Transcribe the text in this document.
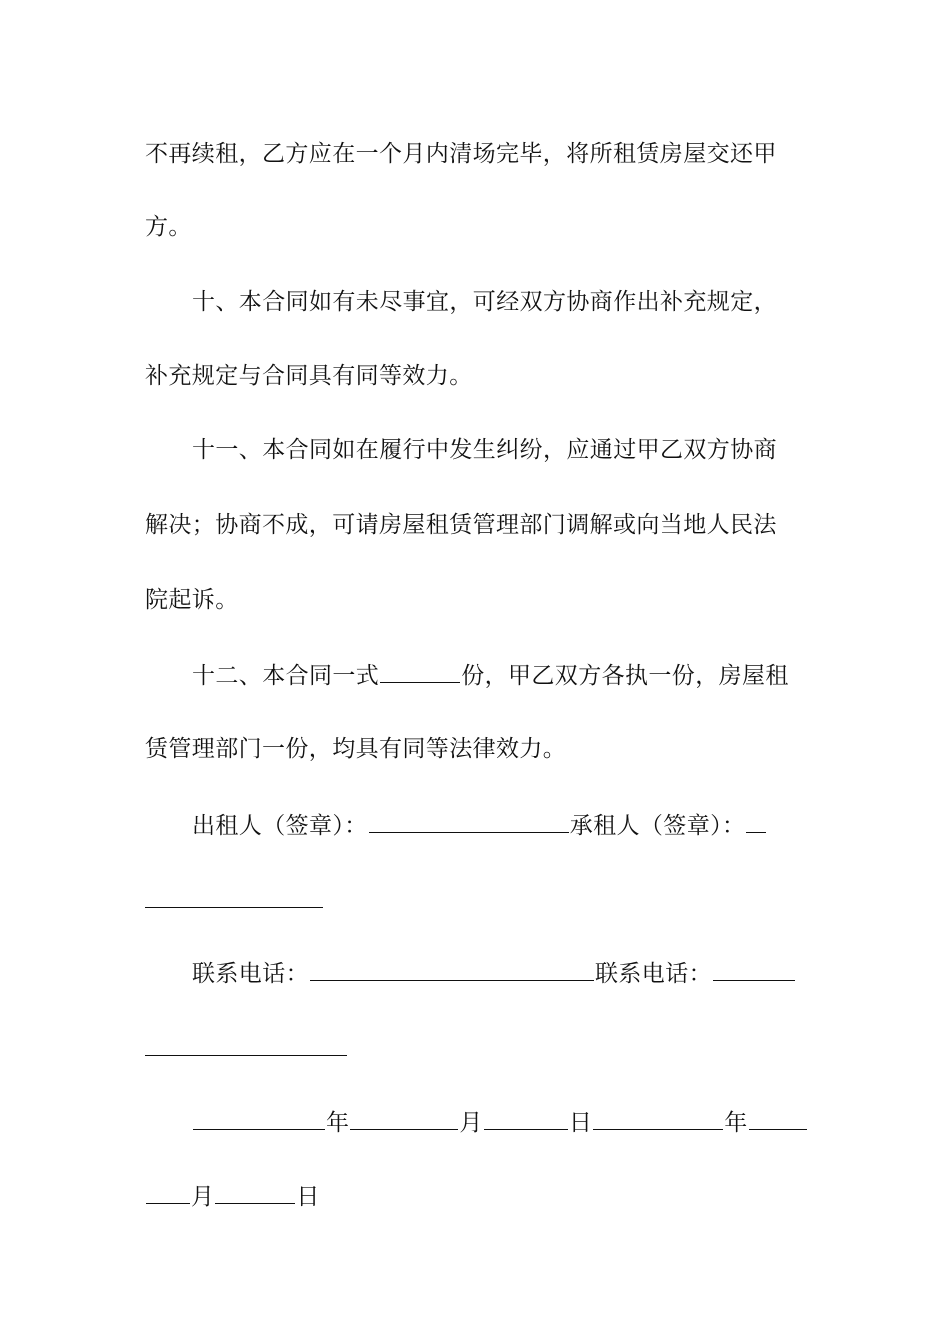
不再续租，乙方应在一个月内清场完毕，将所租赁房屋交还甲
方。
十、本合同如有未尽事宜，可经双方协商作出补充规定，
补充规定与合同具有同等效力。
十一、本合同如在履行中发生纠纷，应通过甲乙双方协商
解决；协商不成，可请房屋租赁管理部门调解或向当地人民法
院起诉。
十二、本合同一式	份，甲乙双方各执一份，房屋租
赁管理部门一份，均具有同等法律效力。
出租人（签章）：	承租人（签章）：
联系电话：	联系电话：
年	月	日	年
月	日
